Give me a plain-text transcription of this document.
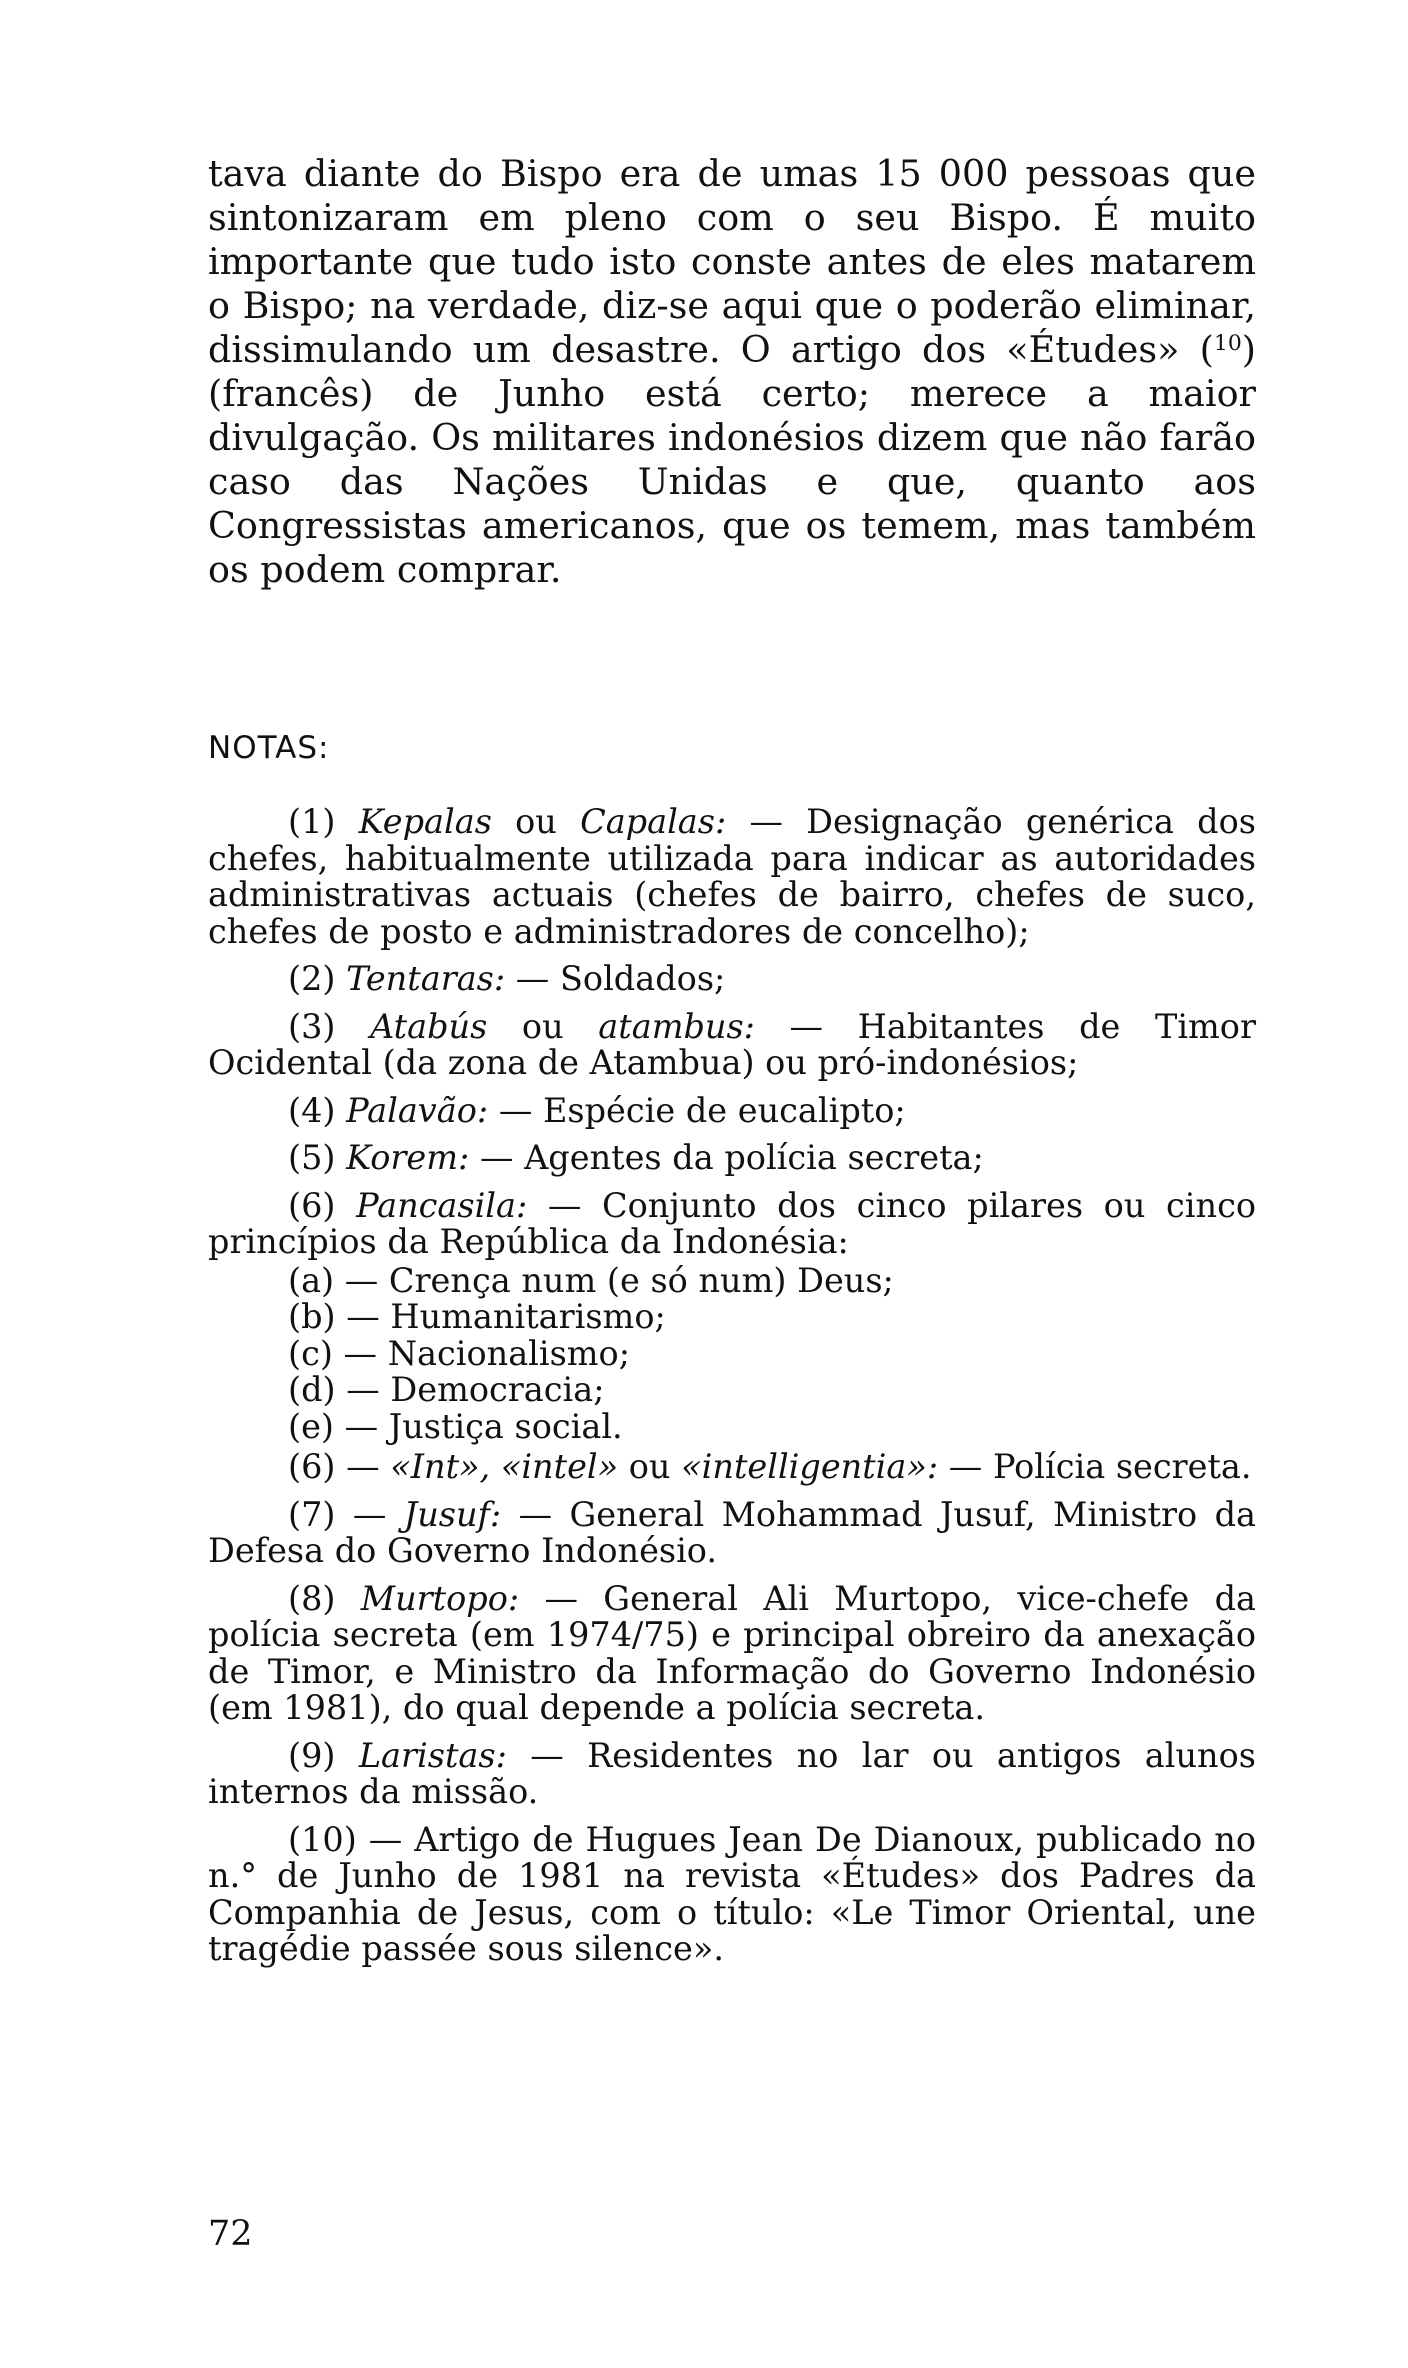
tava diante do Bispo era de umas 15 000 pessoas que sintonizaram em pleno com o seu Bispo. É muito importante que tudo isto conste antes de eles matarem o Bispo; na verdade, diz-se aqui que o poderão eliminar, dissimulando um desastre. O artigo dos «Études» ($^{10}$) (francês) de Junho está certo; merece a maior divulgação. Os militares indonésios dizem que não farão caso das Nações Unidas e que, quanto aos Congressistas americanos, que os temem, mas também os podem comprar.

NOTAS:

(1) Kepalas ou Capalas: — Designação genérica dos chefes, habitualmente utilizada para indicar as autoridades administrativas actuais (chefes de bairro, chefes de suco, chefes de posto e administradores de concelho);

(2) Tentaras: — Soldados;

(3) Atabús ou atambus: — Habitantes de Timor Ocidental (da zona de Atambua) ou pró-indonésios;

(4) Palavão: — Espécie de eucalipto;

(5) Korem: — Agentes da polícia secreta;

(6) Pancasila: — Conjunto dos cinco pilares ou cinco princípios da República da Indonésia:

(a) — Crença num (e só num) Deus;
(b) — Humanitarismo;
(c) — Nacionalismo;
(d) — Democracia;
(e) — Justiça social.

(6) — «Int», «intel» ou «intelligentia»: — Polícia secreta.

(7) — Jusuf: — General Mohammad Jusuf, Ministro da Defesa do Governo Indonésio.

(8) Murtopo: — General Ali Murtopo, vice-chefe da polícia secreta (em 1974/75) e principal obreiro da anexação de Timor, e Ministro da Informação do Governo Indonésio (em 1981), do qual depende a polícia secreta.

(9) Laristas: — Residentes no lar ou antigos alunos internos da missão.

(10) — Artigo de Hugues Jean De Dianoux, publicado no n.° de Junho de 1981 na revista «Études» dos Padres da Companhia de Jesus, com o título: «Le Timor Oriental, une tragédie passée sous silence».

72
